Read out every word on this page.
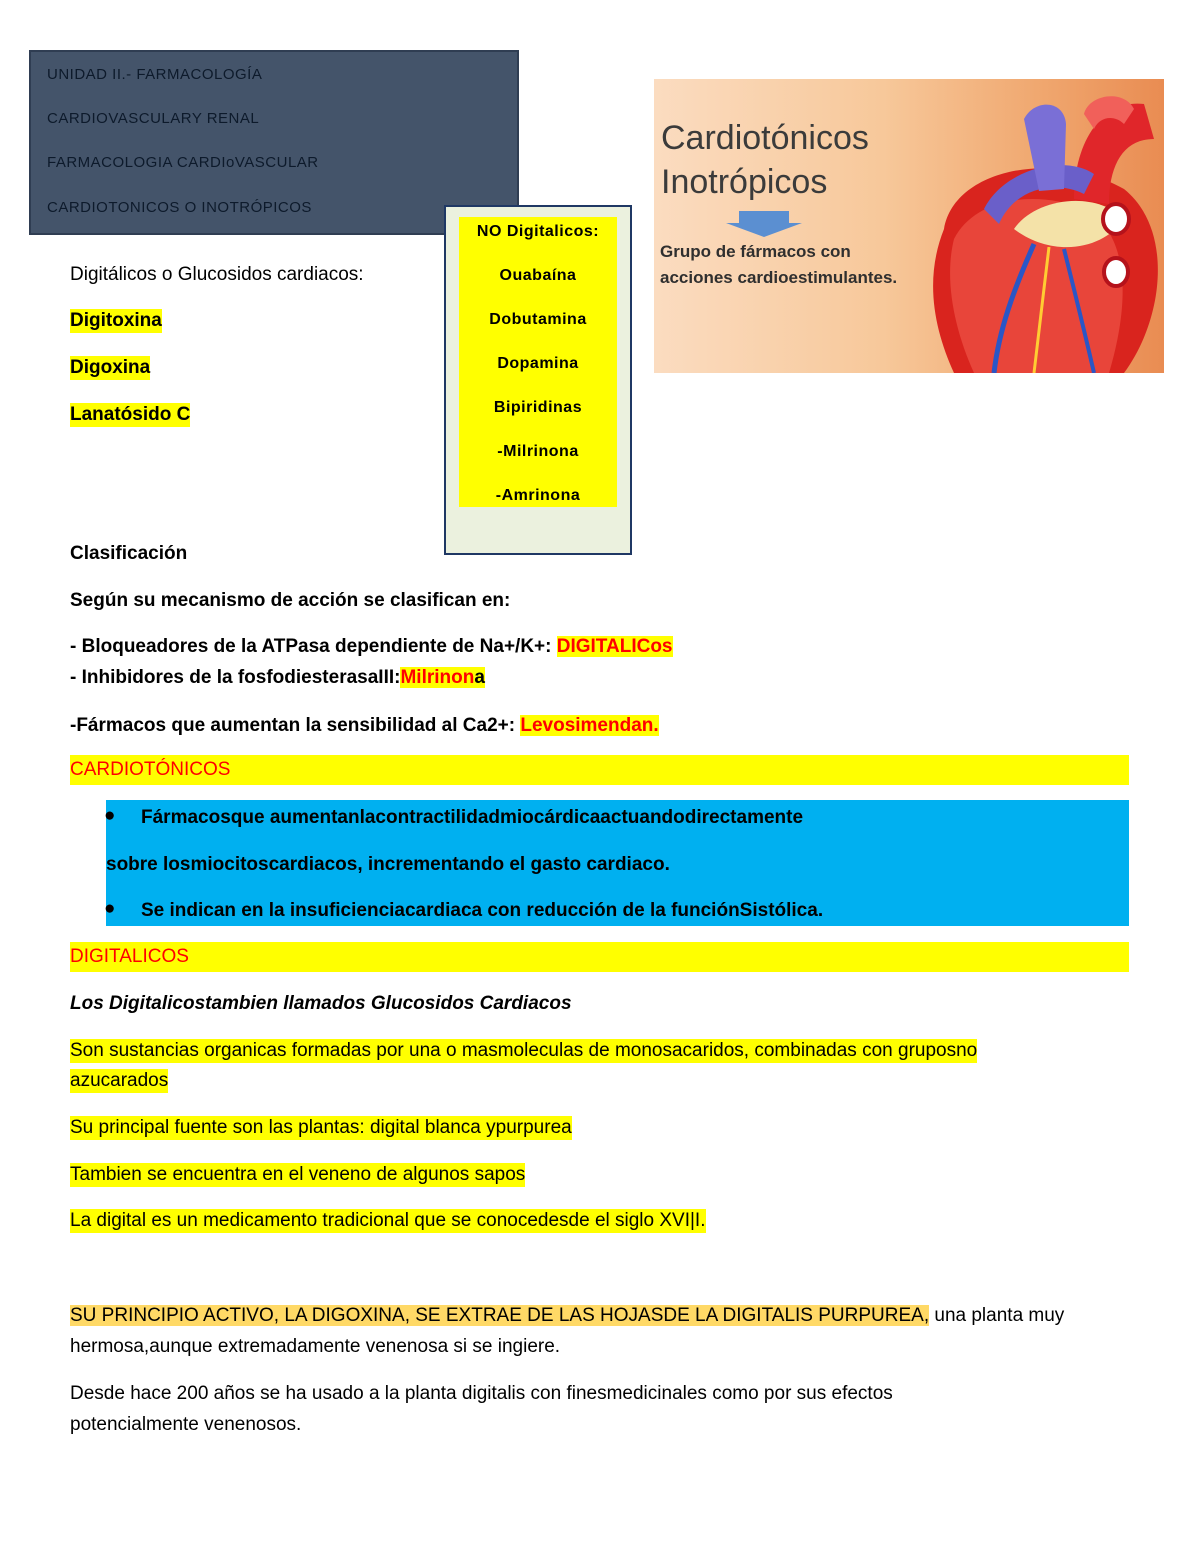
UNIDAD II.- FARMACOLOGÍA
CARDIOVASCULARY RENAL
FARMACOLOGIA CARDIoVASCULAR
CARDIOTONICOS O INOTRÓPICOS
NO Digitalicos:
Ouabaína
Dobutamina
Dopamina
Bipiridinas
-Milrinona
-Amrinona
Cardiotónicos
Inotrópicos
Grupo de fármacos con
acciones cardioestimulantes.
Digitálicos o Glucosidos cardiacos:
Digitoxina
Digoxina
Lanatósido C
Clasificación
Según su mecanismo de acción se clasifican en:
- Bloqueadores de la ATPasa dependiente de Na+/K+: DIGITALICos
- Inhibidores de la fosfodiesterasaIII:Milrinona
-Fármacos que aumentan la sensibilidad al Ca2+: Levosimendan.
CARDIOTÓNICOS
● Fármacosque aumentanlacontractilidadmiocárdicaactuandodirectamente
sobre losmiocitoscardiacos, incrementando el gasto cardiaco.
● Se indican en la insuficienciacardiaca con reducción de la funciónSistólica.
DIGITALICOS
Los Digitalicostambien llamados Glucosidos Cardiacos
Son sustancias organicas formadas por una o masmoleculas de monosacaridos, combinadas con gruposno
azucarados
Su principal fuente son las plantas: digital blanca ypurpurea
Tambien se encuentra en el veneno de algunos sapos
La digital es un medicamento tradicional que se conocedesde el siglo XVI|I.
SU PRINCIPIO ACTIVO, LA DIGOXINA, SE EXTRAE DE LAS HOJASDE LA DIGITALIS PURPUREA, una planta muy
hermosa,aunque extremadamente venenosa si se ingiere.
Desde hace 200 años se ha usado a la planta digitalis con finesmedicinales como por sus efectos
potencialmente venenosos.
